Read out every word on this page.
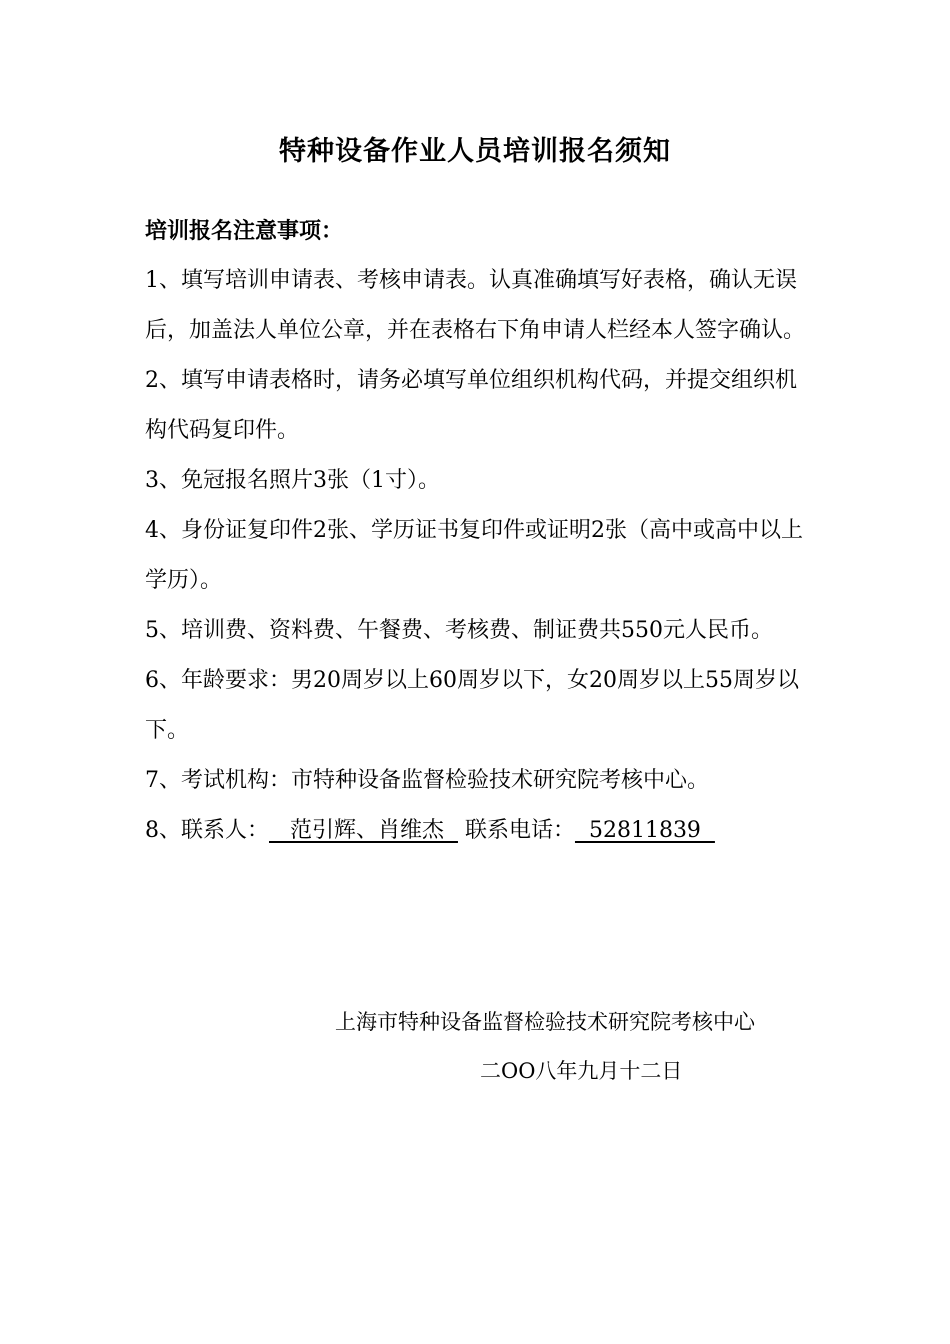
特种设备作业人员培训报名须知

培训报名注意事项：

1、填写培训申请表、考核申请表。认真准确填写好表格，确认无误后，加盖法人单位公章，并在表格右下角申请人栏经本人签字确认。

2、填写申请表格时，请务必填写单位组织机构代码，并提交组织机构代码复印件。

3、免冠报名照片3张（1寸）。

4、身份证复印件2张、学历证书复印件或证明2张（高中或高中以上学历）。

5、培训费、资料费、午餐费、考核费、制证费共550元人民币。

6、年龄要求：男20周岁以上60周岁以下，女20周岁以上55周岁以下。

7、考试机构：市特种设备监督检验技术研究院考核中心。

8、联系人：   范引辉、肖维杰   联系电话：  52811839

上海市特种设备监督检验技术研究院考核中心
二OO八年九月十二日
